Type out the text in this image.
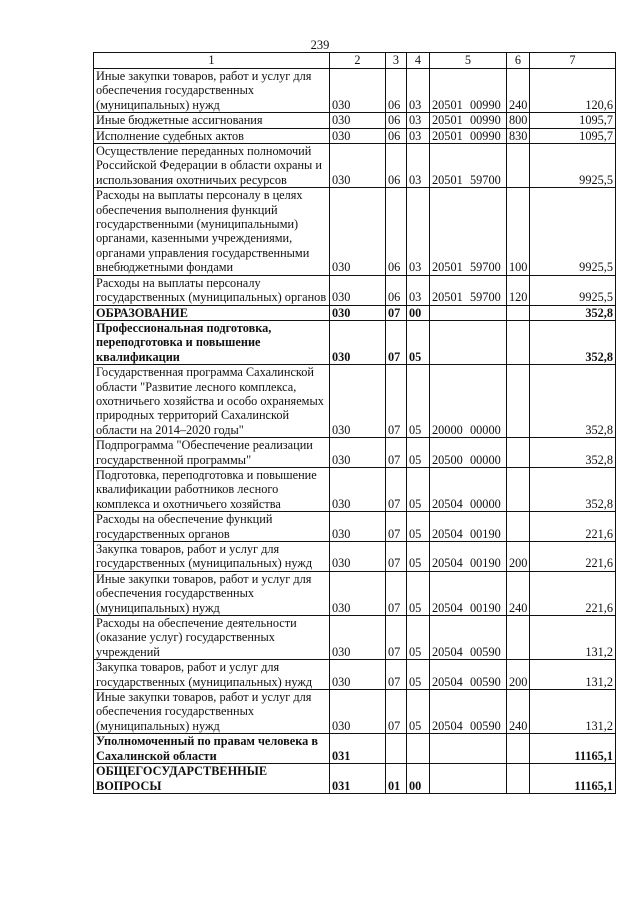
239
1	2	3	4	5	6	7
Иные закупки товаров, работ и услуг для обеспечения государственных (муниципальных) нужд	030	06	03	20501 00990	240	120,6
Иные бюджетные ассигнования	030	06	03	20501 00990	800	1095,7
Исполнение судебных актов	030	06	03	20501 00990	830	1095,7
Осуществление переданных полномочий Российской Федерации в области охраны и использования охотничьих ресурсов	030	06	03	20501 59700		9925,5
Расходы на выплаты персоналу в целях обеспечения выполнения функций государственными (муниципальными) органами, казенными учреждениями, органами управления государственными внебюджетными фондами	030	06	03	20501 59700	100	9925,5
Расходы на выплаты персоналу государственных (муниципальных) органов	030	06	03	20501 59700	120	9925,5
ОБРАЗОВАНИЕ	030	07	00			352,8
Профессиональная подготовка, переподготовка и повышение квалификации	030	07	05			352,8
Государственная программа Сахалинской области "Развитие лесного комплекса, охотничьего хозяйства и особо охраняемых природных территорий Сахалинской области на 2014–2020 годы"	030	07	05	20000 00000		352,8
Подпрограмма "Обеспечение реализации государственной программы"	030	07	05	20500 00000		352,8
Подготовка, переподготовка и повышение квалификации работников лесного комплекса и охотничьего хозяйства	030	07	05	20504 00000		352,8
Расходы на обеспечение функций государственных органов	030	07	05	20504 00190		221,6
Закупка товаров, работ и услуг для государственных (муниципальных) нужд	030	07	05	20504 00190	200	221,6
Иные закупки товаров, работ и услуг для обеспечения государственных (муниципальных) нужд	030	07	05	20504 00190	240	221,6
Расходы на обеспечение деятельности (оказание услуг) государственных учреждений	030	07	05	20504 00590		131,2
Закупка товаров, работ и услуг для государственных (муниципальных) нужд	030	07	05	20504 00590	200	131,2
Иные закупки товаров, работ и услуг для обеспечения государственных (муниципальных) нужд	030	07	05	20504 00590	240	131,2
Уполномоченный по правам человека в Сахалинской области	031					11165,1
ОБЩЕГОСУДАРСТВЕННЫЕ ВОПРОСЫ	031	01	00			11165,1
